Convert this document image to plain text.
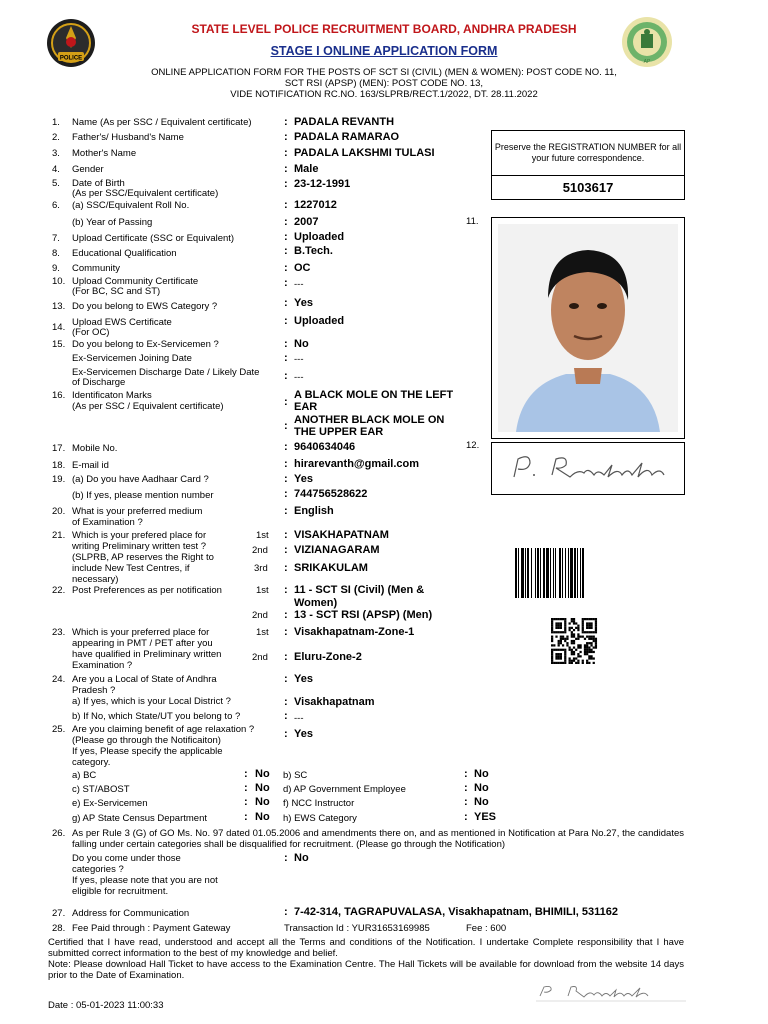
POLICE
AP
STATE LEVEL POLICE RECRUITMENT BOARD, ANDHRA PRADESH
STAGE I ONLINE APPLICATION FORM
ONLINE APPLICATION FORM FOR THE POSTS OF SCT SI (CIVIL) (MEN & WOMEN): POST CODE NO. 11,
SCT RSI (APSP) (MEN): POST CODE NO. 13,
VIDE NOTIFICATION RC.NO. 163/SLPRB/RECT.1/2022, DT. 28.11.2022
Preserve the REGISTRATION NUMBER for all your future correspondence.
5103617
11.
12.
1. Name (As per SSC / Equivalent certificate)	: PADALA REVANTH
2. Father's/ Husband's Name	: PADALA RAMARAO
3. Mother's Name	: PADALA LAKSHMI TULASI
4. Gender	: Male
5. Date of Birth
(As per SSC/Equivalent certificate)
: 23-12-1991
6. (a) SSC/Equivalent Roll No.	: 1227012
(b) Year of Passing	: 2007
7. Upload Certificate (SSC or Equivalent)	: Uploaded
8. Educational Qualification	: B.Tech.
9. Community	: OC
10. Upload Community Certificate
(For BC, SC and ST)
: ---
13. Do you belong to EWS Category ?	: Yes
14. Upload EWS Certificate
(For OC)
: Uploaded
15. Do you belong to Ex-Servicemen ?	: No
Ex-Servicemen Joining Date	: ---
Ex-Servicemen Discharge Date / Likely Date
of Discharge
: ---
16. Identificaton Marks
(As per SSC / Equivalent certificate)	:
A BLACK MOLE ON THE LEFT
EAR
: ANOTHER BLACK MOLE ON
THE UPPER EAR
17. Mobile No.	: 9640634046
18. E-mail id	: hirarevanth@gmail.com
19. (a) Do you have Aadhaar Card ?	: Yes
(b) If yes, please mention number	: 744756528622
20. What is your preferred medium
of Examination ?
: English
21. Which is your prefered place for
writing Preliminary written test ?
(SLPRB, AP reserves the Right to
include New Test Centres, if
necessary)
1st : VISAKHAPATNAM
2nd : VIZIANAGARAM
3rd : SRIKAKULAM
22. Post Preferences as per notification	1st : 11 - SCT SI (Civil) (Men &
Women)
2nd : 13 - SCT RSI (APSP) (Men)
23. Which is your preferred place for
appearing in PMT / PET after you
have qualified in Preliminary written
Examination ?
1st : Visakhapatnam-Zone-1
2nd : Eluru-Zone-2
24. Are you a Local of State of Andhra
Pradesh ?
: Yes
a) If yes, which is your Local District ?	: Visakhapatnam
b) If No, which State/UT you belong to ?	: ---
25. Are you claiming benefit of age relaxation ?
(Please go through the Notificaiton)
If yes, Please specify the applicable
category.
: Yes
a) BC	: No b) SC	: No
c) ST/ABOST	: No d) AP Government Employee	: No
e) Ex-Servicemen	: No f) NCC Instructor	: No
g) AP State Census Department	: No h) EWS Category	: YES
26. As per Rule 3 (G) of GO Ms. No. 97 dated 01.05.2006 and amendments there on, and as mentioned in Notification at Para No.27, the candidates falling under certain categories shall be disqualified for recruitment. (Please go through the Notification)
Do you come under those
categories ?
If yes, please note that you are not
eligible for recruitment.
: No
27. Address for Communication	: 7-42-314, TAGRAPUVALASA, Visakhapatnam, BHIMILI, 531162
28. Fee Paid through : Payment Gateway	Transaction Id : YUR31653169985	Fee : 600
Certified that I have read, understood and accept all the Terms and conditions of the Notification. I undertake Complete responsibility that I have submitted correct information to the best of my knowledge and belief.
Note: Please download Hall Ticket to have access to the Examination Centre. The Hall Tickets will be available for download from the website 14 days prior to the Date of Examination.
Date : 05-01-2023 11:00:33
